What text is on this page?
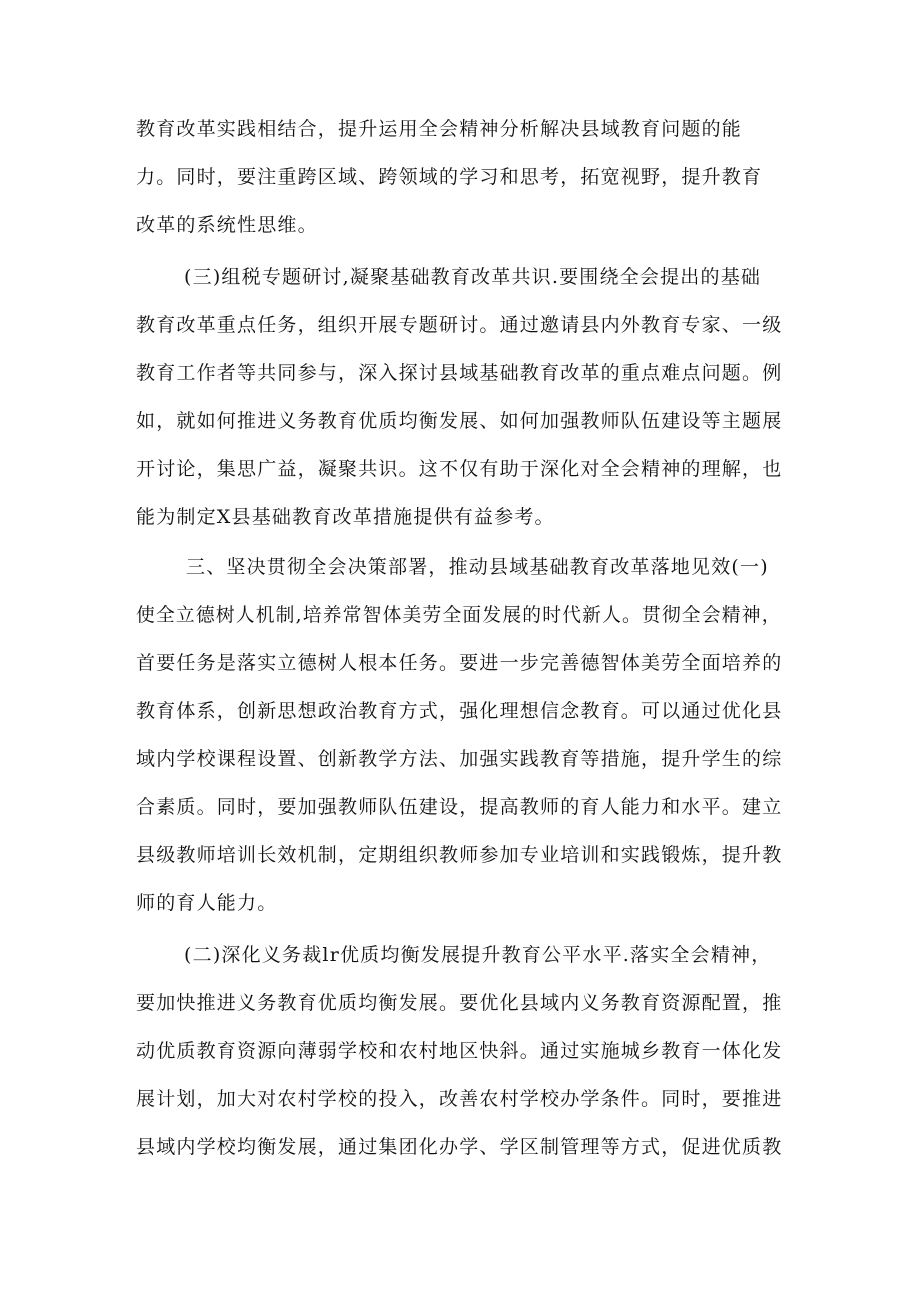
教育改革实践相结合，提升运用全会精神分析解决县域教育问题的能
力。同时，要注重跨区域、跨领域的学习和思考，拓宽视野，提升教育
改革的系统性思维。
(三)组税专题研讨,凝聚基础教育改革共识.要围绕全会提出的基础
教育改革重点任务，组织开展专题研讨。通过邀请县内外教育专家、一级
教育工作者等共同参与，深入探讨县域基础教育改革的重点难点问题。例
如，就如何推进义务教育优质均衡发展、如何加强教师队伍建设等主题展
开讨论，集思广益，凝聚共识。这不仅有助于深化对全会精神的理解，也
能为制定X县基础教育改革措施提供有益参考。
三、坚决贯彻全会决策部署，推动县域基础教育改革落地见效(一)
使全立德树人机制,培养常智体美劳全面发展的时代新人。贯彻全会精神，
首要任务是落实立德树人根本任务。要进一步完善德智体美劳全面培养的
教育体系，创新思想政治教育方式，强化理想信念教育。可以通过优化县
域内学校课程设置、创新教学方法、加强实践教育等措施，提升学生的综
合素质。同时，要加强教师队伍建设，提高教师的育人能力和水平。建立
县级教师培训长效机制，定期组织教师参加专业培训和实践锻炼，提升教
师的育人能力。
(二)深化义务裁lr优质均衡发展提升教育公平水平.落实全会精神，
要加快推进义务教育优质均衡发展。要优化县域内义务教育资源配置，推
动优质教育资源向薄弱学校和农村地区快斜。通过实施城乡教育一体化发
展计划，加大对农村学校的投入，改善农村学校办学条件。同时，要推进
县域内学校均衡发展，通过集团化办学、学区制管理等方式，促进优质教
